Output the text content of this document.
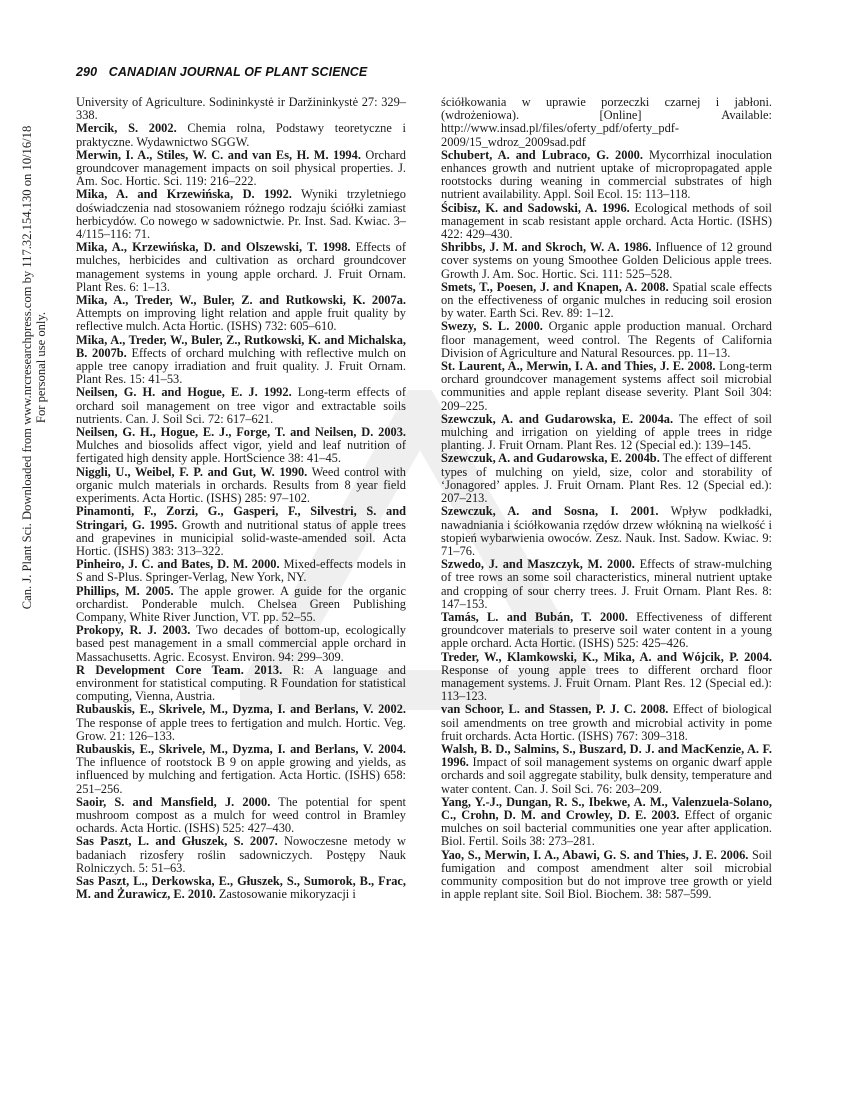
290 CANADIAN JOURNAL OF PLANT SCIENCE
Can. J. Plant Sci. Downloaded from www.nrcresearchpress.com by 117.32.154.130 on 10/16/18 For personal use only.

University of Agriculture. Sodininkystė ir Daržininkystė 27: 329–338.

Mercik, S. 2002. Chemia rolna, Podstawy teoretyczne i praktyczne. Wydawnictwo SGGW.

Merwin, I. A., Stiles, W. C. and van Es, H. M. 1994. Orchard groundcover management impacts on soil physical properties. J. Am. Soc. Hortic. Sci. 119: 216–222.

Mika, A. and Krzewińska, D. 1992. Wyniki trzyletniego doświadczenia nad stosowaniem różnego rodzaju ściółki zamiast herbicydów. Co nowego w sadownictwie. Pr. Inst. Sad. Kwiac. 3–4/115–116: 71.

Mika, A., Krzewińska, D. and Olszewski, T. 1998. Effects of mulches, herbicides and cultivation as orchard groundcover management systems in young apple orchard. J. Fruit Ornam. Plant Res. 6: 1–13.

Mika, A., Treder, W., Buler, Z. and Rutkowski, K. 2007a. Attempts on improving light relation and apple fruit quality by reflective mulch. Acta Hortic. (ISHS) 732: 605–610.

Mika, A., Treder, W., Buler, Z., Rutkowski, K. and Michalska, B. 2007b. Effects of orchard mulching with reflective mulch on apple tree canopy irradiation and fruit quality. J. Fruit Ornam. Plant Res. 15: 41–53.

Neilsen, G. H. and Hogue, E. J. 1992. Long-term effects of orchard soil management on tree vigor and extractable soils nutrients. Can. J. Soil Sci. 72: 617–621.

Neilsen, G. H., Hogue, E. J., Forge, T. and Neilsen, D. 2003. Mulches and biosolids affect vigor, yield and leaf nutrition of fertigated high density apple. HortScience 38: 41–45.

Niggli, U., Weibel, F. P. and Gut, W. 1990. Weed control with organic mulch materials in orchards. Results from 8 year field experiments. Acta Hortic. (ISHS) 285: 97–102.

Pinamonti, F., Zorzi, G., Gasperi, F., Silvestri, S. and Stringari, G. 1995. Growth and nutritional status of apple trees and grapevines in municipial solid-waste-amended soil. Acta Hortic. (ISHS) 383: 313–322.

Pinheiro, J. C. and Bates, D. M. 2000. Mixed-effects models in S and S-Plus. Springer-Verlag, New York, NY.

Phillips, M. 2005. The apple grower. A guide for the organic orchardist. Ponderable mulch. Chelsea Green Publishing Company, White River Junction, VT. pp. 52–55.

Prokopy, R. J. 2003. Two decades of bottom-up, ecologically based pest management in a small commercial apple orchard in Massachusetts. Agric. Ecosyst. Environ. 94: 299–309.

R Development Core Team. 2013. R: A language and environment for statistical computing. R Foundation for statistical computing, Vienna, Austria.

Rubauskis, E., Skrivele, M., Dyzma, I. and Berlans, V. 2002. The response of apple trees to fertigation and mulch. Hortic. Veg. Grow. 21: 126–133.

Rubauskis, E., Skrivele, M., Dyzma, I. and Berlans, V. 2004. The influence of rootstock B 9 on apple growing and yields, as influenced by mulching and fertigation. Acta Hortic. (ISHS) 658: 251–256.

Saoir, S. and Mansfield, J. 2000. The potential for spent mushroom compost as a mulch for weed control in Bramley ochards. Acta Hortic. (ISHS) 525: 427–430.

Sas Paszt, L. and Głuszek, S. 2007. Nowoczesne metody w badaniach rizosfery roślin sadowniczych. Postępy Nauk Rolniczych. 5: 51–63.

Sas Paszt, L., Derkowska, E., Głuszek, S., Sumorok, B., Frac, M. and Żurawicz, E. 2010. Zastosowanie mikoryzacji i

ściółkowania w uprawie porzeczki czarnej i jabłoni. (wdrożeniowa). [Online] Available: http://www.insad.pl/files/oferty_pdf/oferty_pdf-2009/15_wdroz_2009sad.pdf

Schubert, A. and Lubraco, G. 2000. Mycorrhizal inoculation enhances growth and nutrient uptake of micropropagated apple rootstocks during weaning in commercial substrates of high nutrient availability. Appl. Soil Ecol. 15: 113–118.

Ścibisz, K. and Sadowski, A. 1996. Ecological methods of soil management in scab resistant apple orchard. Acta Hortic. (ISHS) 422: 429–430.

Shribbs, J. M. and Skroch, W. A. 1986. Influence of 12 ground cover systems on young Smoothee Golden Delicious apple trees. Growth J. Am. Soc. Hortic. Sci. 111: 525–528.

Smets, T., Poesen, J. and Knapen, A. 2008. Spatial scale effects on the effectiveness of organic mulches in reducing soil erosion by water. Earth Sci. Rev. 89: 1–12.

Swezy, S. L. 2000. Organic apple production manual. Orchard floor management, weed control. The Regents of California Division of Agriculture and Natural Resources. pp. 11–13.

St. Laurent, A., Merwin, I. A. and Thies, J. E. 2008. Long-term orchard groundcover management systems affect soil microbial communities and apple replant disease severity. Plant Soil 304: 209–225.

Szewczuk, A. and Gudarowska, E. 2004a. The effect of soil mulching and irrigation on yielding of apple trees in ridge planting. J. Fruit Ornam. Plant Res. 12 (Special ed.): 139–145.

Szewczuk, A. and Gudarowska, E. 2004b. The effect of different types of mulching on yield, size, color and storability of ‘Jonagored’ apples. J. Fruit Ornam. Plant Res. 12 (Special ed.): 207–213.

Szewczuk, A. and Sosna, I. 2001. Wpływ podkładki, nawadniania i ściółkowania rzędów drzew włókniną na wielkość i stopień wybarwienia owoców. Zesz. Nauk. Inst. Sadow. Kwiac. 9: 71–76.

Szwedo, J. and Maszczyk, M. 2000. Effects of straw-mulching of tree rows an some soil characteristics, mineral nutrient uptake and cropping of sour cherry trees. J. Fruit Ornam. Plant Res. 8: 147–153.

Tamás, L. and Bubán, T. 2000. Effectiveness of different groundcover materials to preserve soil water content in a young apple orchard. Acta Hortic. (ISHS) 525: 425–426.

Treder, W., Klamkowski, K., Mika, A. and Wójcik, P. 2004. Response of young apple trees to different orchard floor management systems. J. Fruit Ornam. Plant Res. 12 (Special ed.): 113–123.

van Schoor, L. and Stassen, P. J. C. 2008. Effect of biological soil amendments on tree growth and microbial activity in pome fruit orchards. Acta Hortic. (ISHS) 767: 309–318.

Walsh, B. D., Salmins, S., Buszard, D. J. and MacKenzie, A. F. 1996. Impact of soil management systems on organic dwarf apple orchards and soil aggregate stability, bulk density, temperature and water content. Can. J. Soil Sci. 76: 203–209.

Yang, Y.-J., Dungan, R. S., Ibekwe, A. M., Valenzuela-Solano, C., Crohn, D. M. and Crowley, D. E. 2003. Effect of organic mulches on soil bacterial communities one year after application. Biol. Fertil. Soils 38: 273–281.

Yao, S., Merwin, I. A., Abawi, G. S. and Thies, J. E. 2006. Soil fumigation and compost amendment alter soil microbial community composition but do not improve tree growth or yield in apple replant site. Soil Biol. Biochem. 38: 587–599.
